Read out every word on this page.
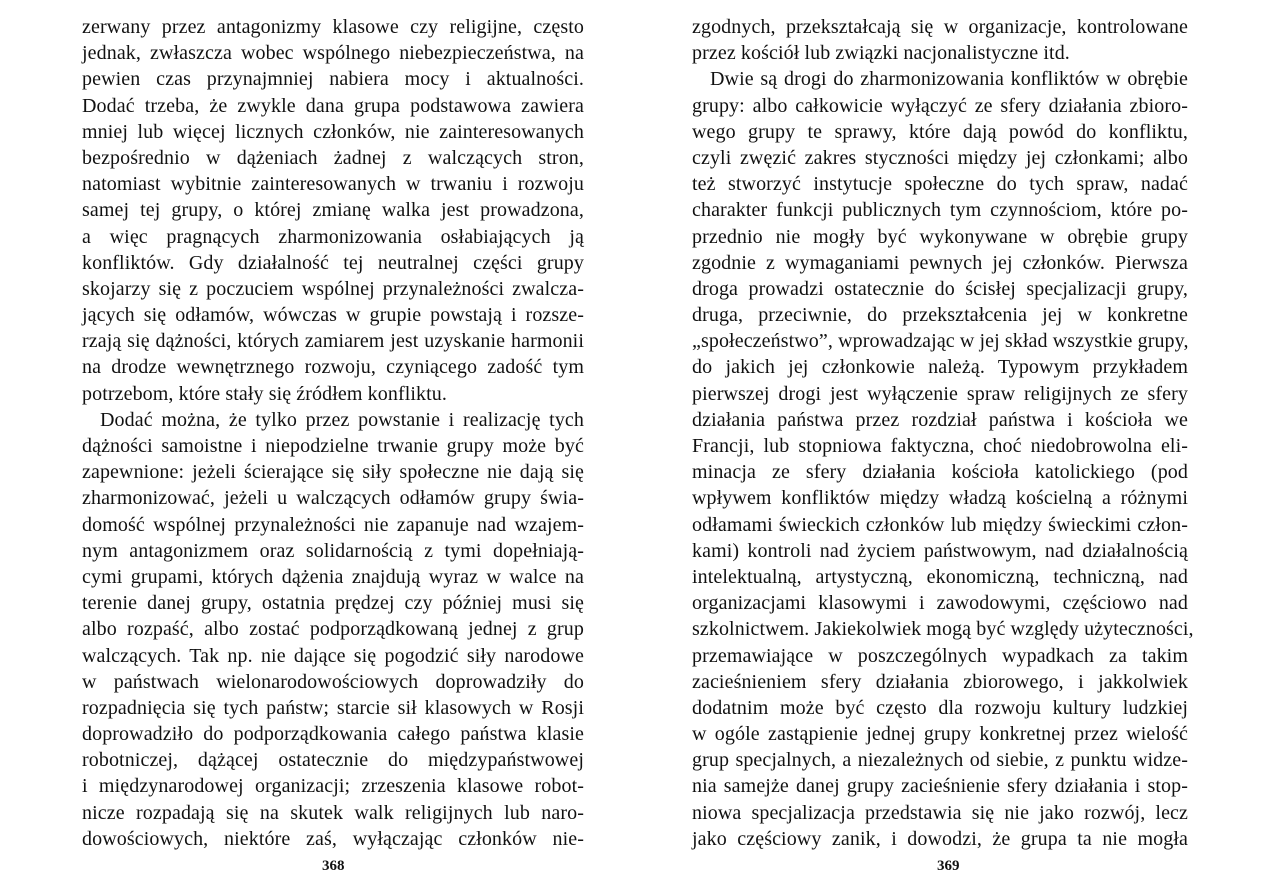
zerwany przez antagonizmy klasowe czy religijne, często
jednak, zwłaszcza wobec wspólnego niebezpieczeństwa, na
pewien czas przynajmniej nabiera mocy i aktualności.
Dodać trzeba, że zwykle dana grupa podstawowa zawiera
mniej lub więcej licznych członków, nie zainteresowanych
bezpośrednio w dążeniach żadnej z walczących stron,
natomiast wybitnie zainteresowanych w trwaniu i rozwoju
samej tej grupy, o której zmianę walka jest prowadzona,
a więc pragnących zharmonizowania osłabiających ją
konfliktów. Gdy działalność tej neutralnej części grupy
skojarzy się z poczuciem wspólnej przynależności zwalcza-
jących się odłamów, wówczas w grupie powstają i rozsze-
rzają się dążności, których zamiarem jest uzyskanie harmonii
na drodze wewnętrznego rozwoju, czyniącego zadość tym
potrzebom, które stały się źródłem konfliktu.
Dodać można, że tylko przez powstanie i realizację tych
dążności samoistne i niepodzielne trwanie grupy może być
zapewnione: jeżeli ścierające się siły społeczne nie dają się
zharmonizować, jeżeli u walczących odłamów grupy świa-
domość wspólnej przynależności nie zapanuje nad wzajem-
nym antagonizmem oraz solidarnością z tymi dopełniają-
cymi grupami, których dążenia znajdują wyraz w walce na
terenie danej grupy, ostatnia prędzej czy później musi się
albo rozpaść, albo zostać podporządkowaną jednej z grup
walczących. Tak np. nie dające się pogodzić siły narodowe
w państwach wielonarodowościowych doprowadziły do
rozpadnięcia się tych państw; starcie sił klasowych w Rosji
doprowadziło do podporządkowania całego państwa klasie
robotniczej, dążącej ostatecznie do międzypaństwowej
i międzynarodowej organizacji; zrzeszenia klasowe robot-
nicze rozpadają się na skutek walk religijnych lub naro-
dowościowych, niektóre zaś, wyłączając członków nie-
368
zgodnych, przekształcają się w organizacje, kontrolowane
przez kościół lub związki nacjonalistyczne itd.
Dwie są drogi do zharmonizowania konfliktów w obrębie
grupy: albo całkowicie wyłączyć ze sfery działania zbioro-
wego grupy te sprawy, które dają powód do konfliktu,
czyli zwęzić zakres styczności między jej członkami; albo
też stworzyć instytucje społeczne do tych spraw, nadać
charakter funkcji publicznych tym czynnościom, które po-
przednio nie mogły być wykonywane w obrębie grupy
zgodnie z wymaganiami pewnych jej członków. Pierwsza
droga prowadzi ostatecznie do ścisłej specjalizacji grupy,
druga, przeciwnie, do przekształcenia jej w konkretne
„społeczeństwo”, wprowadzając w jej skład wszystkie grupy,
do jakich jej członkowie należą. Typowym przykładem
pierwszej drogi jest wyłączenie spraw religijnych ze sfery
działania państwa przez rozdział państwa i kościoła we
Francji, lub stopniowa faktyczna, choć niedobrowolna eli-
minacja ze sfery działania kościoła katolickiego (pod
wpływem konfliktów między władzą kościelną a różnymi
odłamami świeckich członków lub między świeckimi człon-
kami) kontroli nad życiem państwowym, nad działalnością
intelektualną, artystyczną, ekonomiczną, techniczną, nad
organizacjami klasowymi i zawodowymi, częściowo nad
szkolnictwem. Jakiekolwiek mogą być względy użyteczności,
przemawiające w poszczególnych wypadkach za takim
zacieśnieniem sfery działania zbiorowego, i jakkolwiek
dodatnim może być często dla rozwoju kultury ludzkiej
w ogóle zastąpienie jednej grupy konkretnej przez wielość
grup specjalnych, a niezależnych od siebie, z punktu widze-
nia samejże danej grupy zacieśnienie sfery działania i stop-
niowa specjalizacja przedstawia się nie jako rozwój, lecz
jako częściowy zanik, i dowodzi, że grupa ta nie mogła
369
